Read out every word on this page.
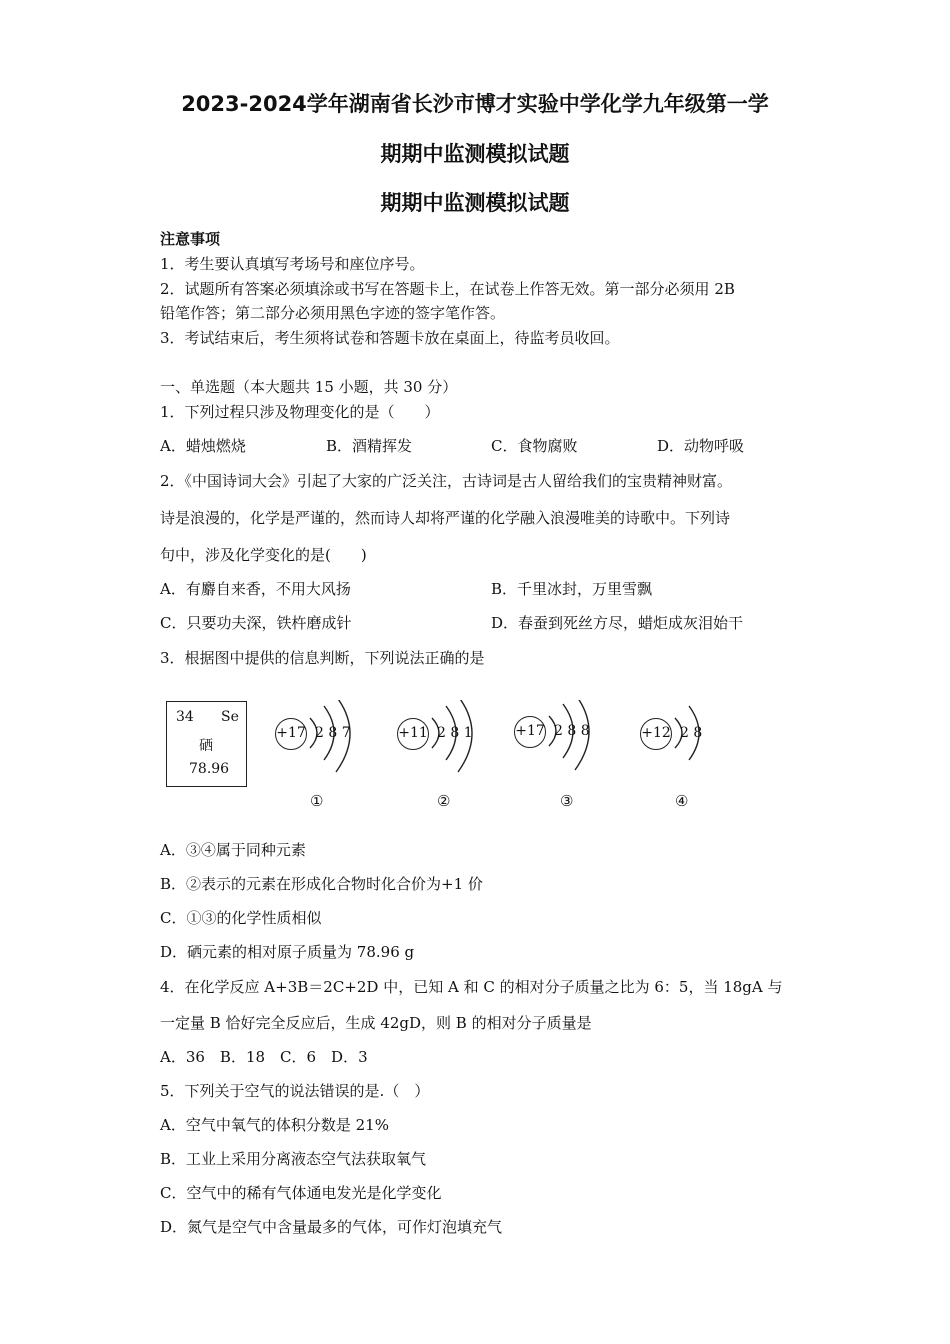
2023-2024学年湖南省长沙市博才实验中学化学九年级第一学
期期中监测模拟试题
期期中监测模拟试题
注意事项
1．考生要认真填写考场号和座位序号。
2．试题所有答案必须填涂或书写在答题卡上，在试卷上作答无效。第一部分必须用 2B
铅笔作答；第二部分必须用黑色字迹的签字笔作答。
3．考试结束后，考生须将试卷和答题卡放在桌面上，待监考员收回。
一、单选题（本大题共 15 小题，共 30 分）
1．下列过程只涉及物理变化的是（　　）
A．蜡烛燃烧	B．酒精挥发	C．食物腐败	D．动物呼吸
2．《中国诗词大会》引起了大家的广泛关注，古诗词是古人留给我们的宝贵精神财富。
诗是浪漫的，化学是严谨的，然而诗人却将严谨的化学融入浪漫唯美的诗歌中。下列诗
句中，涉及化学变化的是(　　)
A．有麝自来香，不用大风扬	B．千里冰封，万里雪飘
C．只要功夫深，铁杵磨成针	D．春蚕到死丝方尽，蜡炬成灰泪始干
3．根据图中提供的信息判断，下列说法正确的是
34 Se
硒
78.96
+17 2 8 7
①
+11 2 8 1
②
+17 2 8 8
③
+12 2 8
④
A．③④属于同种元素
B．②表示的元素在形成化合物时化合价为+1 价
C．①③的化学性质相似
D．硒元素的相对原子质量为 78.96 g
4．在化学反应 A+3B＝2C+2D 中，已知 A 和 C 的相对分子质量之比为 6：5，当 18gA 与
一定量 B 恰好完全反应后，生成 42gD，则 B 的相对分子质量是
A．36　B．18　C．6　D．3
5．下列关于空气的说法错误的是.（　）
A．空气中氧气的体积分数是 21%
B．工业上采用分离液态空气法获取氧气
C．空气中的稀有气体通电发光是化学变化
D．氮气是空气中含量最多的气体，可作灯泡填充气
